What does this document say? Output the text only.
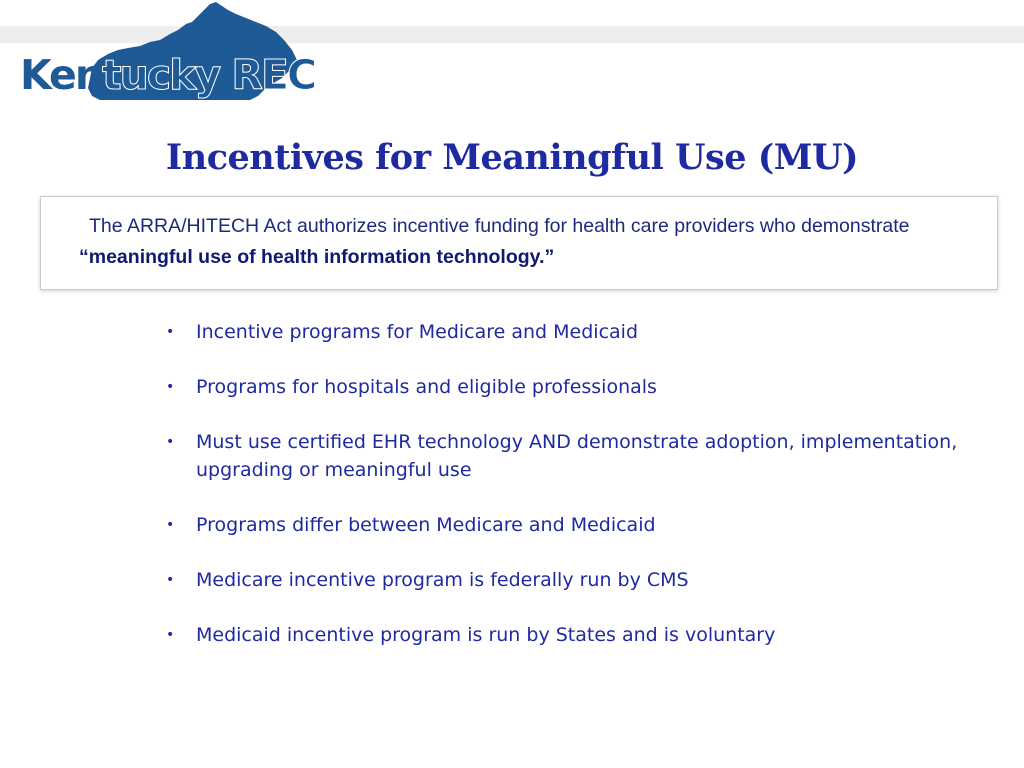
Kentucky REC
Incentives for Meaningful Use (MU)
The ARRA/HITECH Act authorizes incentive funding for health care providers who demonstrate “meaningful use of health information technology.”
• Incentive programs for Medicare and Medicaid
• Programs for hospitals and eligible professionals
• Must use certified EHR technology AND demonstrate adoption, implementation, upgrading or meaningful use
• Programs differ between Medicare and Medicaid
• Medicare incentive program is federally run by CMS
• Medicaid incentive program is run by States and is voluntary
